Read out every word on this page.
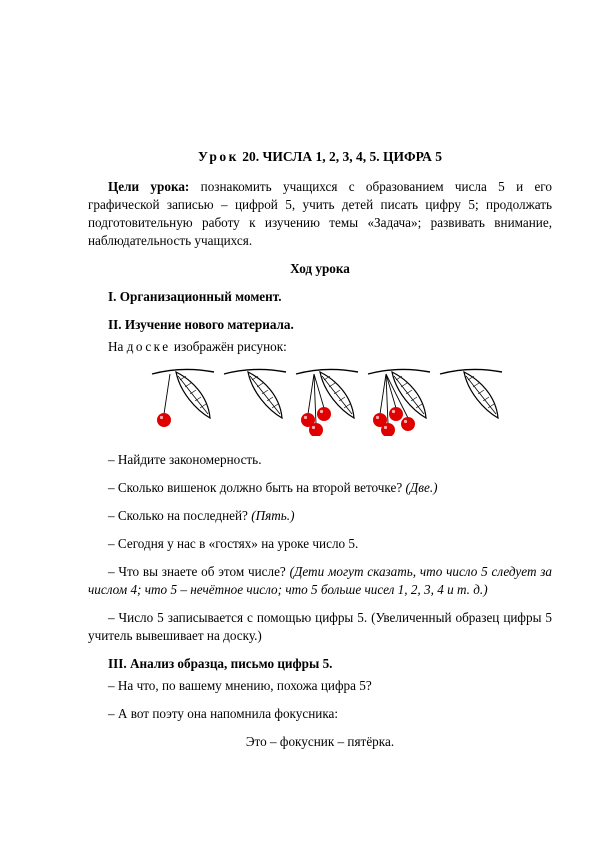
Урок 20. ЧИСЛА 1, 2, 3, 4, 5. ЦИФРА 5

Цели урока: познакомить учащихся с образованием числа 5 и его графической записью – цифрой 5, учить детей писать цифру 5; продолжать подготовительную работу к изучению темы «Задача»; развивать внимание, наблюдательность учащихся.

Ход урока

I. Организационный момент.

II. Изучение нового материала.

На доске изображён рисунок:

– Найдите закономерность.

– Сколько вишенок должно быть на второй веточке? (Две.)

– Сколько на последней? (Пять.)

– Сегодня у нас в «гостях» на уроке число 5.

– Что вы знаете об этом числе? (Дети могут сказать, что число 5 следует за числом 4; что 5 – нечётное число; что 5 больше чисел 1, 2, 3, 4 и т. д.)

– Число 5 записывается с помощью цифры 5. (Увеличенный образец цифры 5 учитель вывешивает на доску.)

III. Анализ образца, письмо цифры 5.

– На что, по вашему мнению, похожа цифра 5?

– А вот поэту она напомнила фокусника:

Это – фокусник – пятёрка.
